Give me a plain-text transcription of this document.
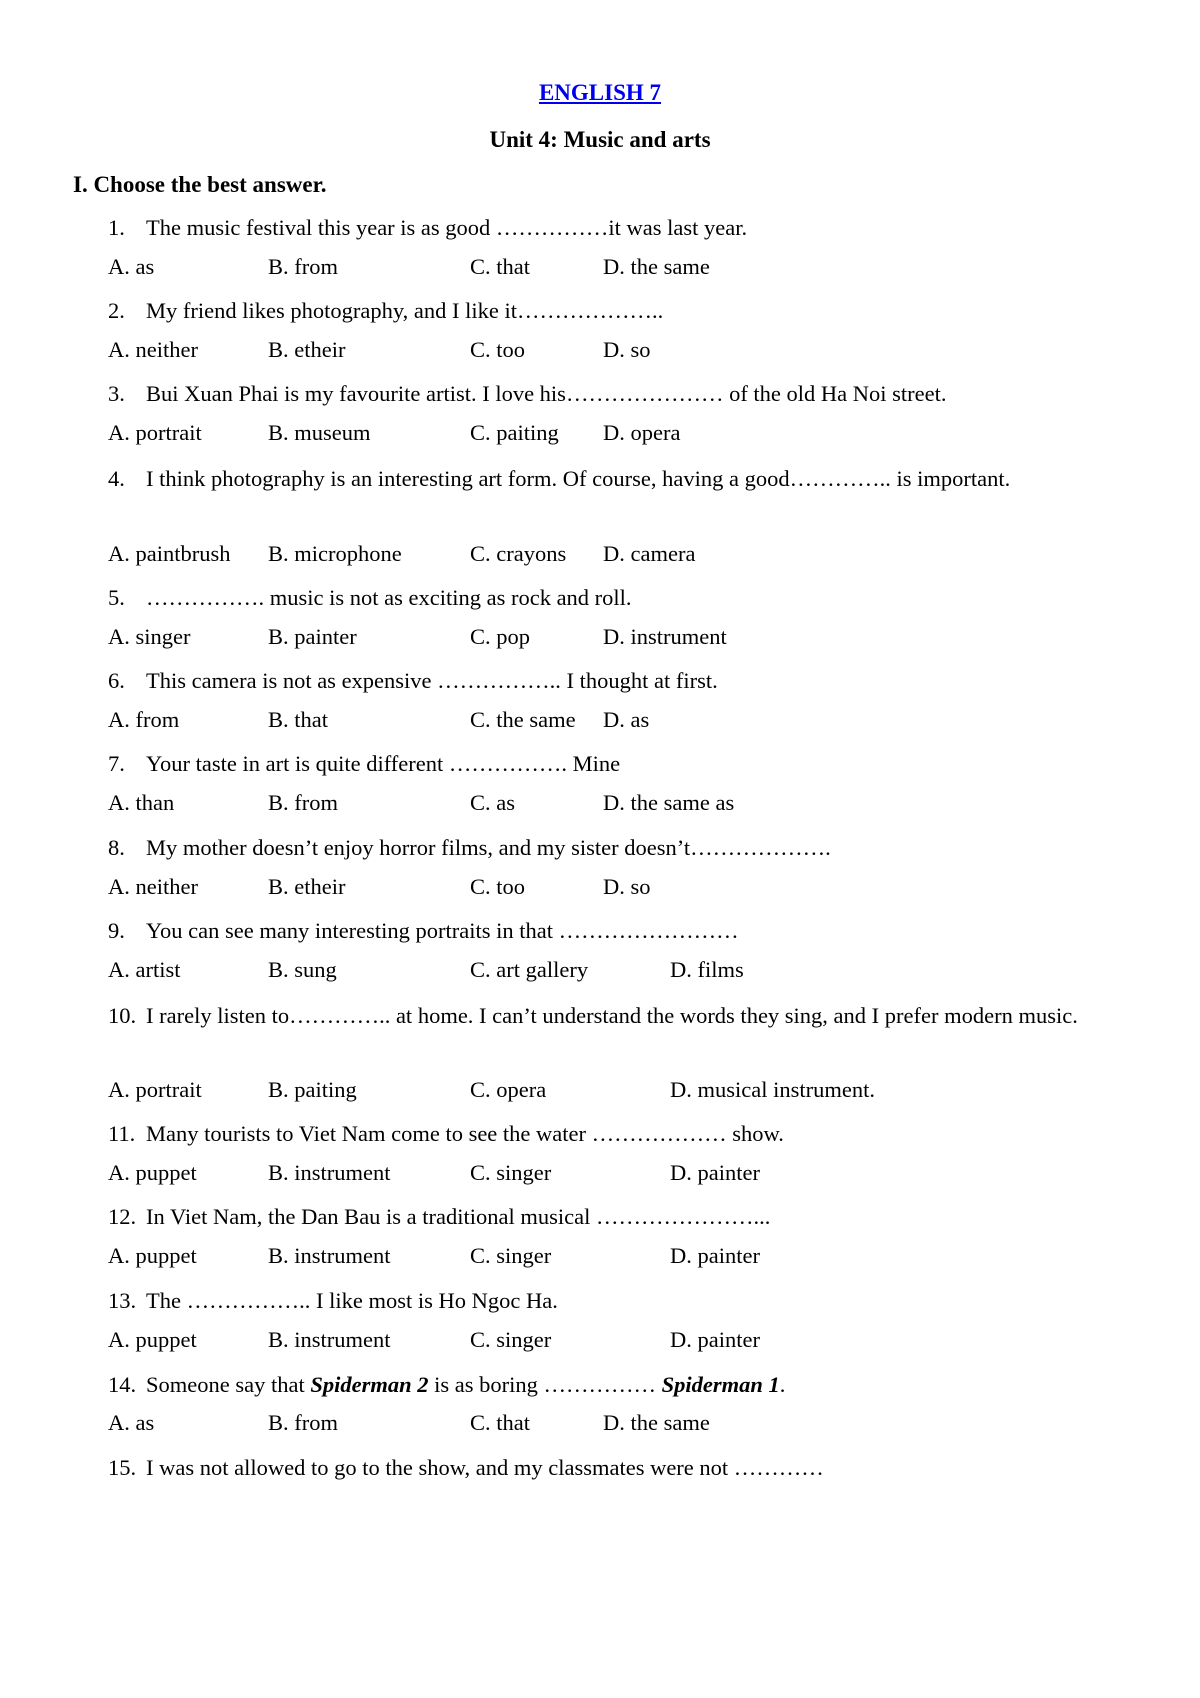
ENGLISH 7
Unit 4: Music and arts
I. Choose the best answer.
1. The music festival this year is as good ……………it was last year.
A. as	B. from	C. that	D. the same
2. My friend likes photography, and I like it………………..
A. neither	B. etheir	C. too	D. so
3. Bui Xuan Phai is my favourite artist. I love his………………… of the old Ha Noi street.
A. portrait	B. museum	C. paiting D. opera
4. I think photography is an interesting art form. Of course, having a good………….. is important.
A. paintbrush B. microphone	C. crayons D. camera
5. ……………. music is not as exciting as rock and roll.
A. singer	B. painter	C. pop	D. instrument
6. This camera is not as expensive …………….. I thought at first.
A. from	B. that	C. the same D. as
7. Your taste in art is quite different ……………. Mine
A. than	B. from	C. as	D. the same as
8. My mother doesn’t enjoy horror films, and my sister doesn’t……………….
A. neither	B. etheir	C. too	D. so
9. You can see many interesting portraits in that ……………………
A. artist	B. sung	C. art gallery	D. films
10. I rarely listen to………….. at home. I can’t understand the words they sing, and I prefer modern music.
A. portrait	B. paiting	C. opera	D. musical instrument.
11. Many tourists to Viet Nam come to see the water ……………… show.
A. puppet	B. instrument	C. singer	D. painter
12. In Viet Nam, the Dan Bau is a traditional musical …………………...
A. puppet	B. instrument	C. singer	D. painter
13. The …………….. I like most is Ho Ngoc Ha.
A. puppet	B. instrument	C. singer	D. painter
14. Someone say that Spiderman 2 is as boring …………… Spiderman 1.
A. as	B. from	C. that	D. the same
15. I was not allowed to go to the show, and my classmates were not …………
